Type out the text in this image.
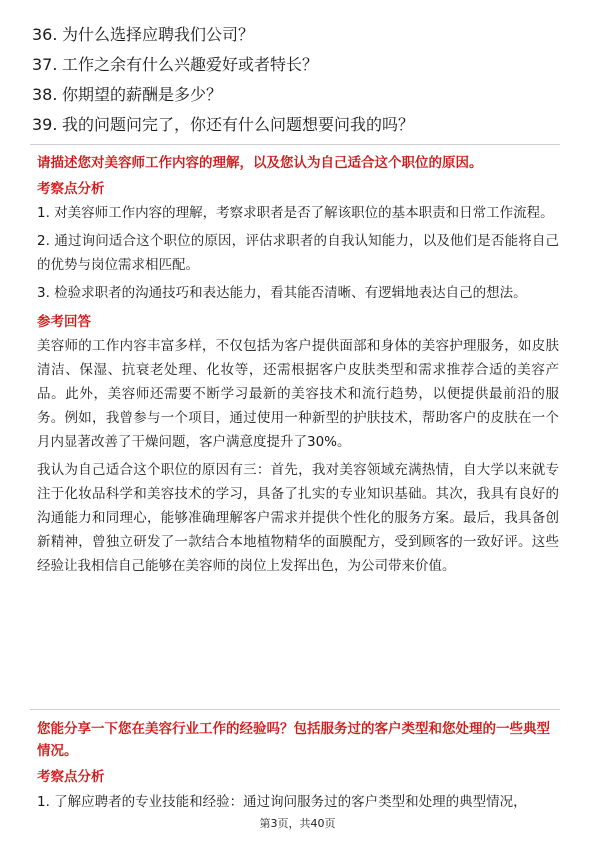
36. 为什么选择应聘我们公司？
37. 工作之余有什么兴趣爱好或者特长？
38. 你期望的薪酬是多少？
39. 我的问题问完了，你还有什么问题想要问我的吗？

请描述您对美容师工作内容的理解，以及您认为自己适合这个职位的原因。

考察点分析

1. 对美容师工作内容的理解，考察求职者是否了解该职位的基本职责和日常工作流程。

2. 通过询问适合这个职位的原因，评估求职者的自我认知能力，以及他们是否能将自己的优势与岗位需求相匹配。

3. 检验求职者的沟通技巧和表达能力，看其能否清晰、有逻辑地表达自己的想法。

参考回答

美容师的工作内容丰富多样，不仅包括为客户提供面部和身体的美容护理服务，如皮肤清洁、保湿、抗衰老处理、化妆等，还需根据客户皮肤类型和需求推荐合适的美容产品。此外，美容师还需要不断学习最新的美容技术和流行趋势，以便提供最前沿的服务。例如，我曾参与一个项目，通过使用一种新型的护肤技术，帮助客户的皮肤在一个月内显著改善了干燥问题，客户满意度提升了30%。

我认为自己适合这个职位的原因有三：首先，我对美容领域充满热情，自大学以来就专注于化妆品科学和美容技术的学习，具备了扎实的专业知识基础。其次，我具有良好的沟通能力和同理心，能够准确理解客户需求并提供个性化的服务方案。最后，我具备创新精神，曾独立研发了一款结合本地植物精华的面膜配方，受到顾客的一致好评。这些经验让我相信自己能够在美容师的岗位上发挥出色，为公司带来价值。

您能分享一下您在美容行业工作的经验吗？包括服务过的客户类型和您处理的一些典型情况。

考察点分析

1. 了解应聘者的专业技能和经验：通过询问服务过的客户类型和处理的典型情况，

第3页，共40页
